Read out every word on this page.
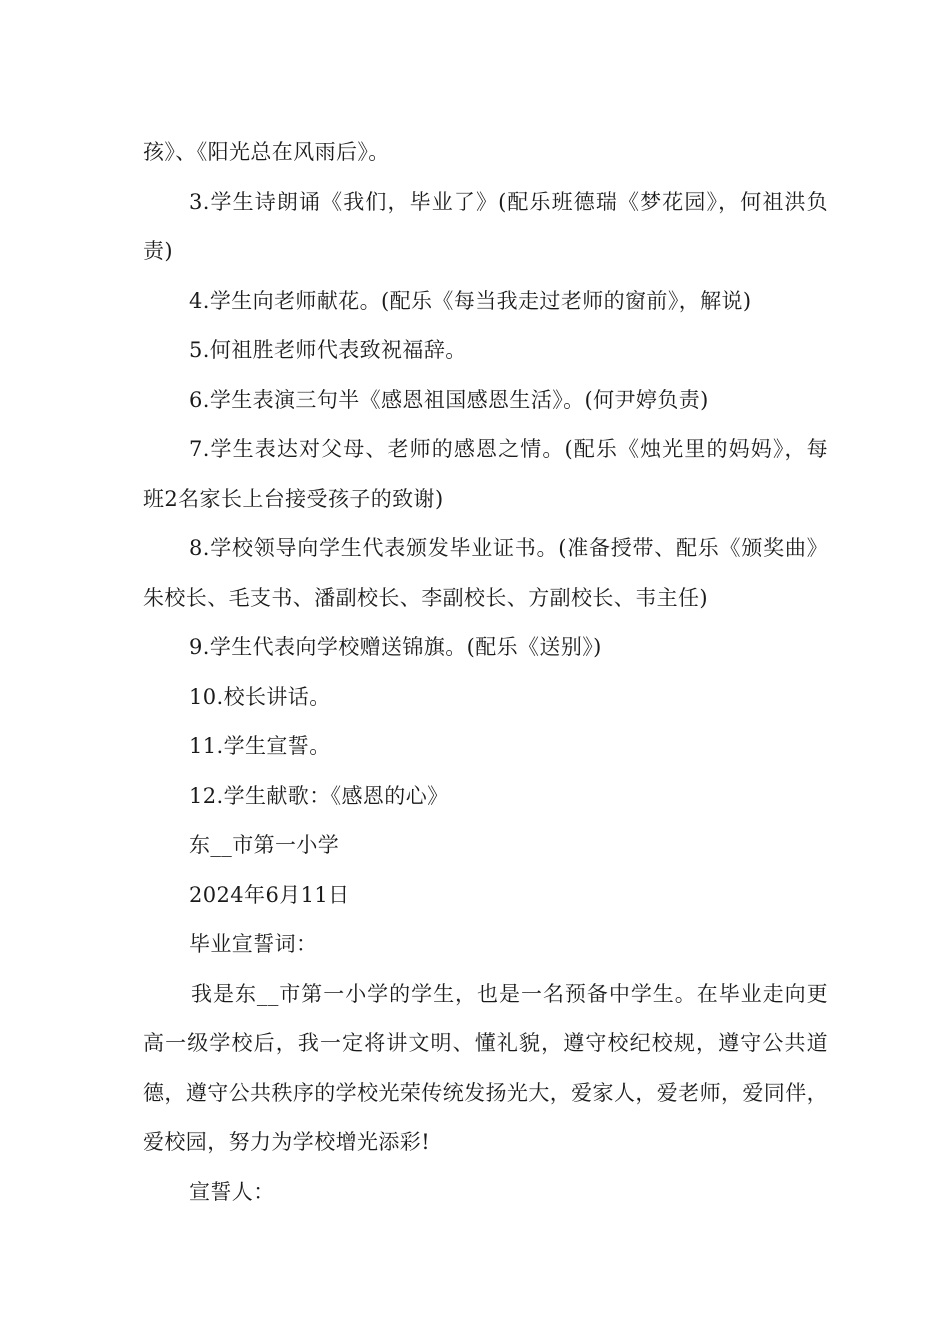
孩》、《阳光总在风雨后》。

3.学生诗朗诵《我们，毕业了》(配乐班德瑞《梦花园》，何祖洪负责)

4.学生向老师献花。(配乐《每当我走过老师的窗前》，解说)

5.何祖胜老师代表致祝福辞。

6.学生表演三句半《感恩祖国感恩生活》。(何尹婷负责)

7.学生表达对父母、老师的感恩之情。(配乐《烛光里的妈妈》，每班2名家长上台接受孩子的致谢)

8.学校领导向学生代表颁发毕业证书。(准备授带、配乐《颁奖曲》朱校长、毛支书、潘副校长、李副校长、方副校长、韦主任)

9.学生代表向学校赠送锦旗。(配乐《送别》)

10.校长讲话。

11.学生宣誓。

12.学生献歌：《感恩的心》

东__市第一小学

2024年6月11日

毕业宣誓词：

我是东__市第一小学的学生，也是一名预备中学生。在毕业走向更高一级学校后，我一定将讲文明、懂礼貌，遵守校纪校规，遵守公共道德，遵守公共秩序的学校光荣传统发扬光大，爱家人，爱老师，爱同伴，爱校园，努力为学校增光添彩!

宣誓人：
